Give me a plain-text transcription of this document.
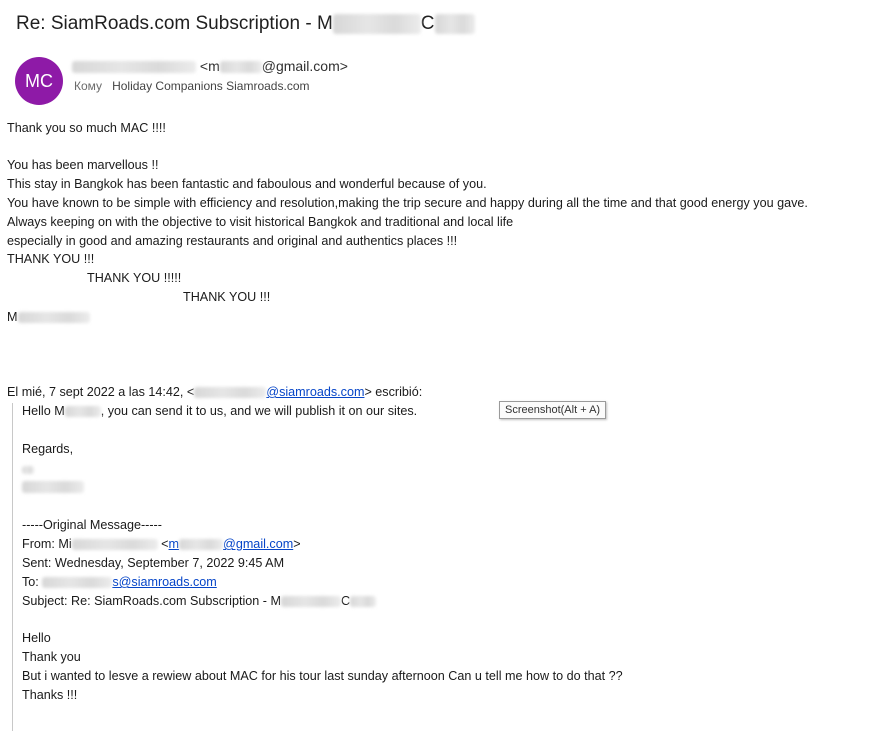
Re: SiamRoads.com Subscription - M	C
MC
<m	@gmail.com>
Кому Holiday Companions Siamroads.com
Thank you so much MAC !!!!
You has been marvellous !!
This stay in Bangkok has been fantastic and faboulous and wonderful because of you.
You have known to be simple with efficiency and resolution,making the trip secure and happy during all the time and that good energy you gave.
Always keeping on with the objective to visit historical Bangkok and traditional and local life
especially in good and amazing restaurants and original and authentics places !!!
THANK YOU !!!
THANK YOU !!!!!
THANK YOU !!!
M
El mié, 7 sept 2022 a las 14:42, <	@siamroads.com> escribió:
Hello M	, you can send it to us, and we will publish it on our sites.
Regards,
-----Original Message-----
From: Mi	<m	@gmail.com>
Sent: Wednesday, September 7, 2022 9:45 AM
To:	s@siamroads.com
Subject: Re: SiamRoads.com Subscription - M	C
Hello
Thank you
But i wanted to lesve a rewiew about MAC for his tour last sunday afternoon Can u tell me how to do that ??
Thanks !!!
Screenshot(Alt + A)
